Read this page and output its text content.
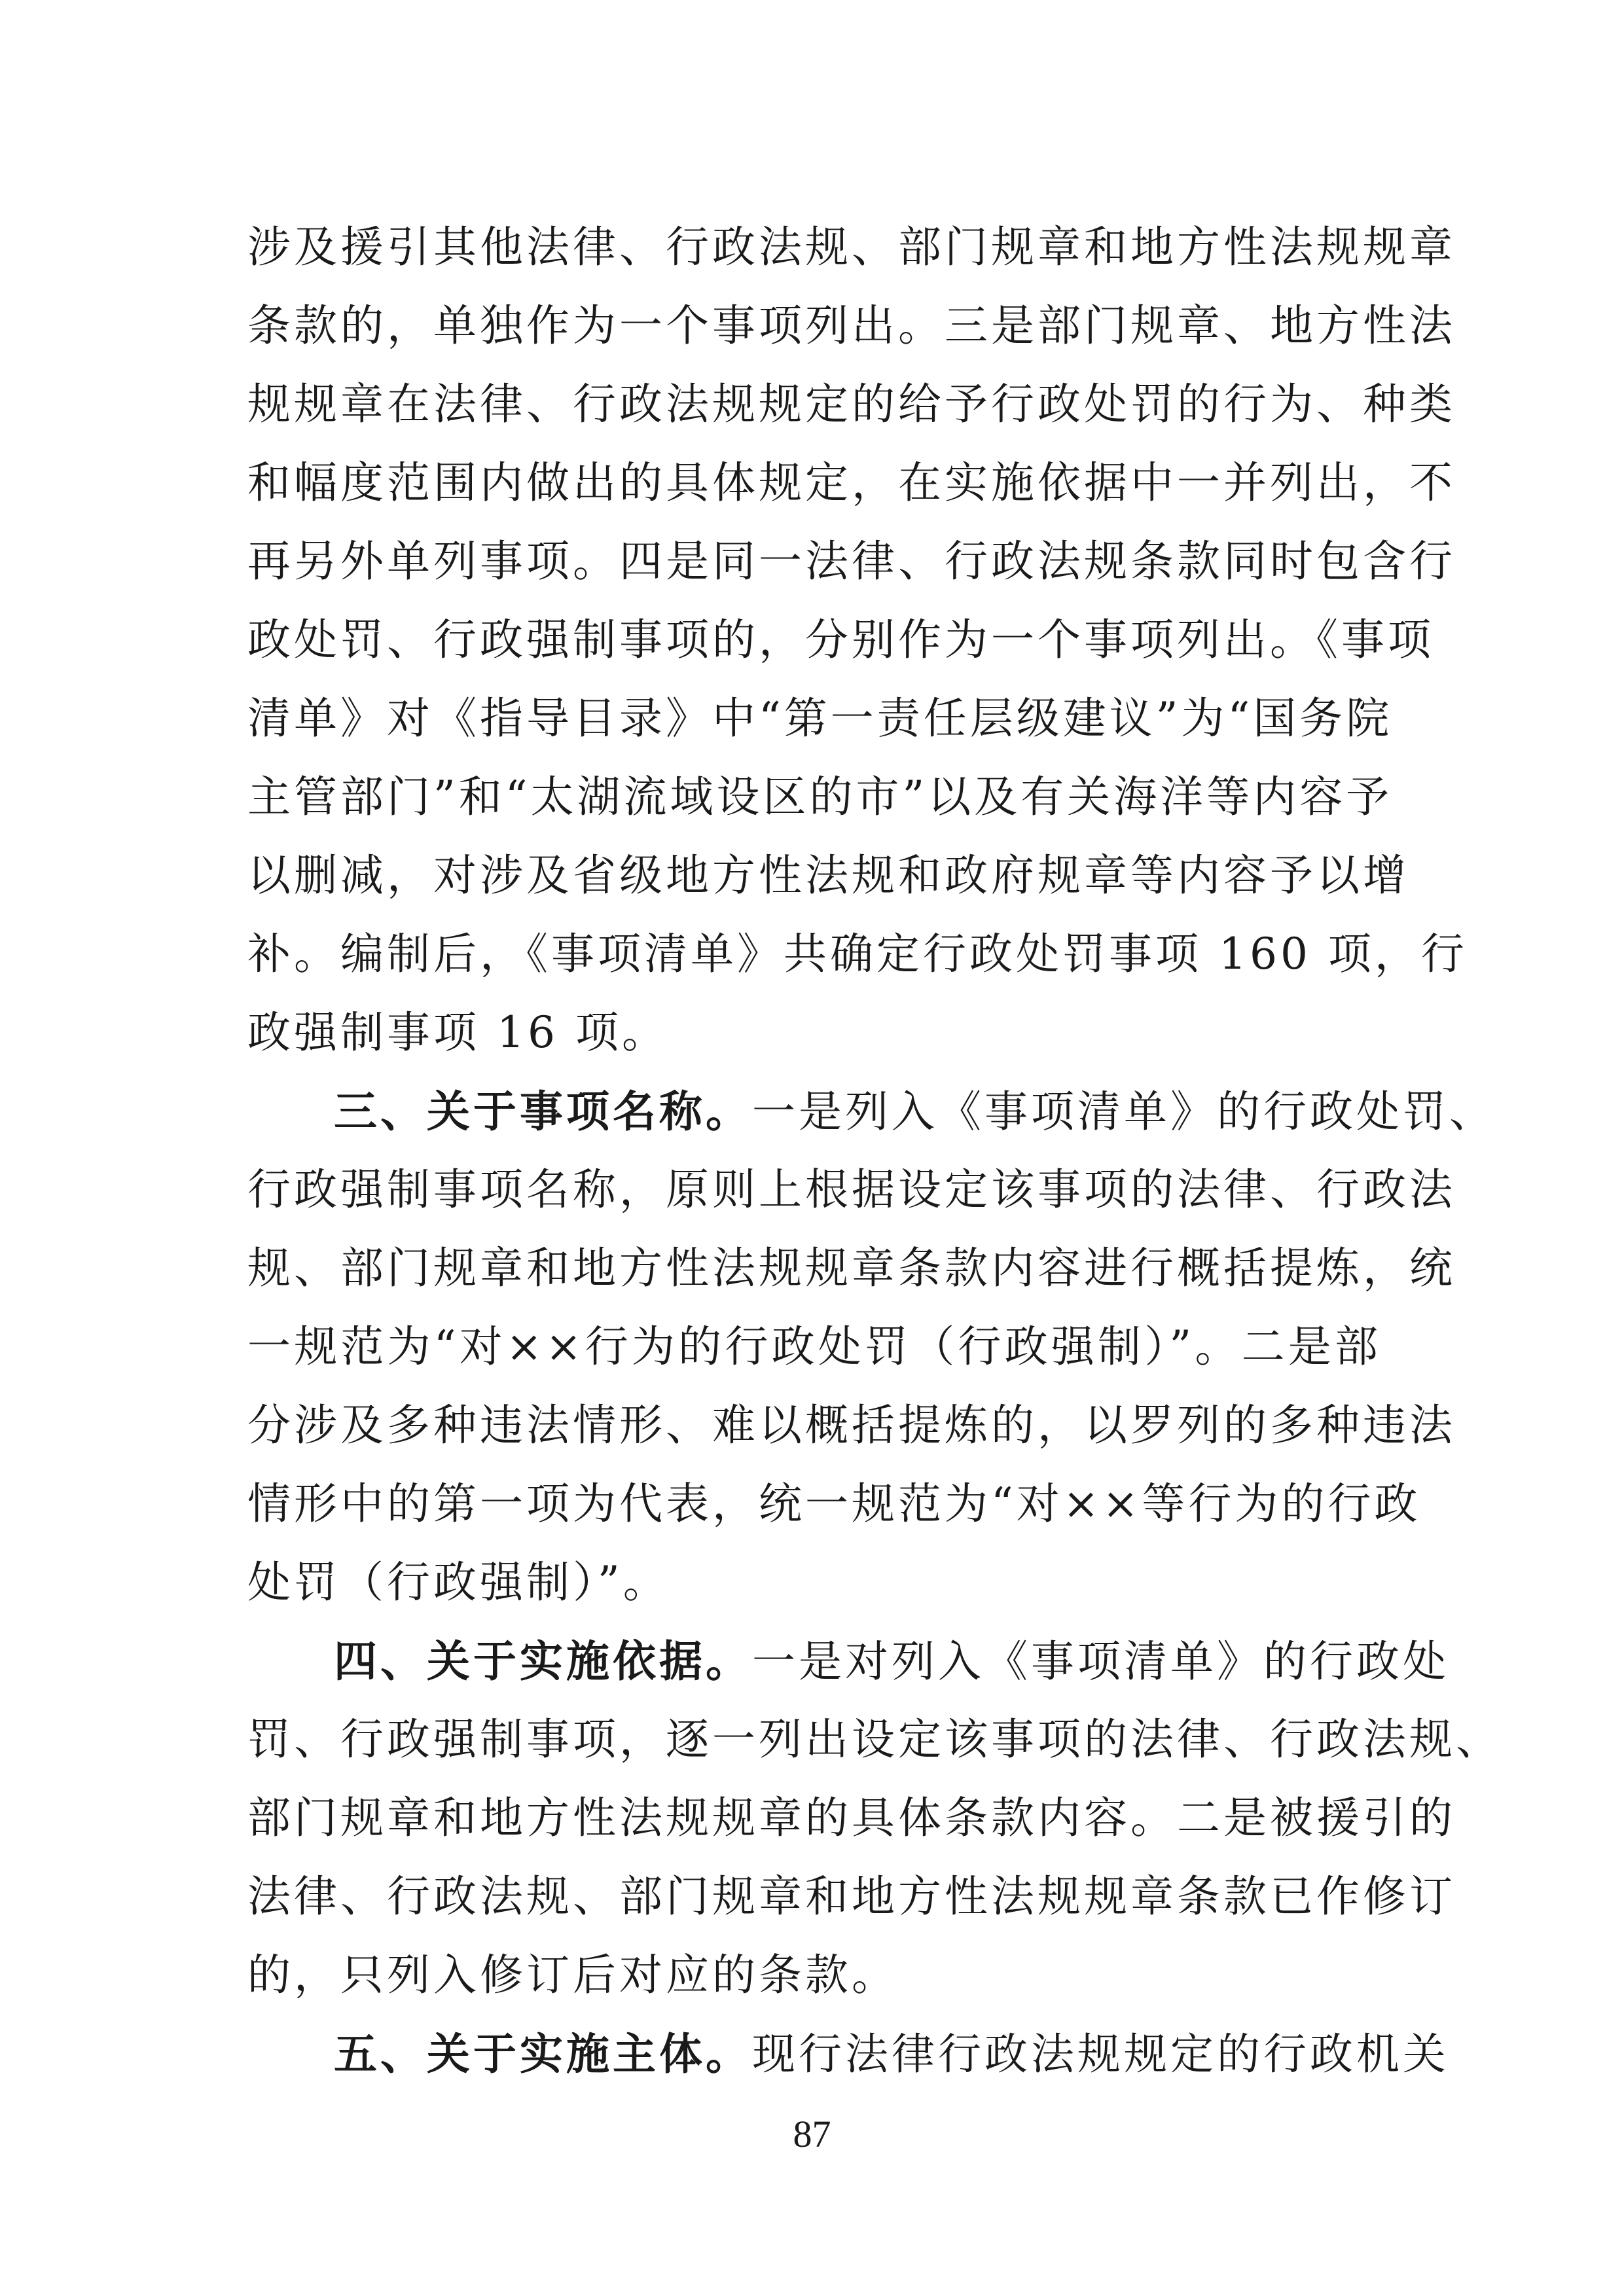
涉及援引其他法律、行政法规、部门规章和地方性法规规章
条款的，单独作为一个事项列出。三是部门规章、地方性法
规规章在法律、行政法规规定的给予行政处罚的行为、种类
和幅度范围内做出的具体规定，在实施依据中一并列出，不
再另外单列事项。四是同一法律、行政法规条款同时包含行
政处罚、行政强制事项的，分别作为一个事项列出。《事项
清单》对《指导目录》中“第一责任层级建议”为“国务院
主管部门”和“太湖流域设区的市”以及有关海洋等内容予
以删减，对涉及省级地方性法规和政府规章等内容予以增
补。编制后，《事项清单》共确定行政处罚事项 160 项，行
政强制事项 16 项。
三、关于事项名称。一是列入《事项清单》的行政处罚、
行政强制事项名称，原则上根据设定该事项的法律、行政法
规、部门规章和地方性法规规章条款内容进行概括提炼，统
一规范为“对××行为的行政处罚（行政强制）”。二是部
分涉及多种违法情形、难以概括提炼的，以罗列的多种违法
情形中的第一项为代表，统一规范为“对××等行为的行政
处罚（行政强制）”。
四、关于实施依据。一是对列入《事项清单》的行政处
罚、行政强制事项，逐一列出设定该事项的法律、行政法规、
部门规章和地方性法规规章的具体条款内容。二是被援引的
法律、行政法规、部门规章和地方性法规规章条款已作修订
的，只列入修订后对应的条款。
五、关于实施主体。现行法律行政法规规定的行政机关
87
